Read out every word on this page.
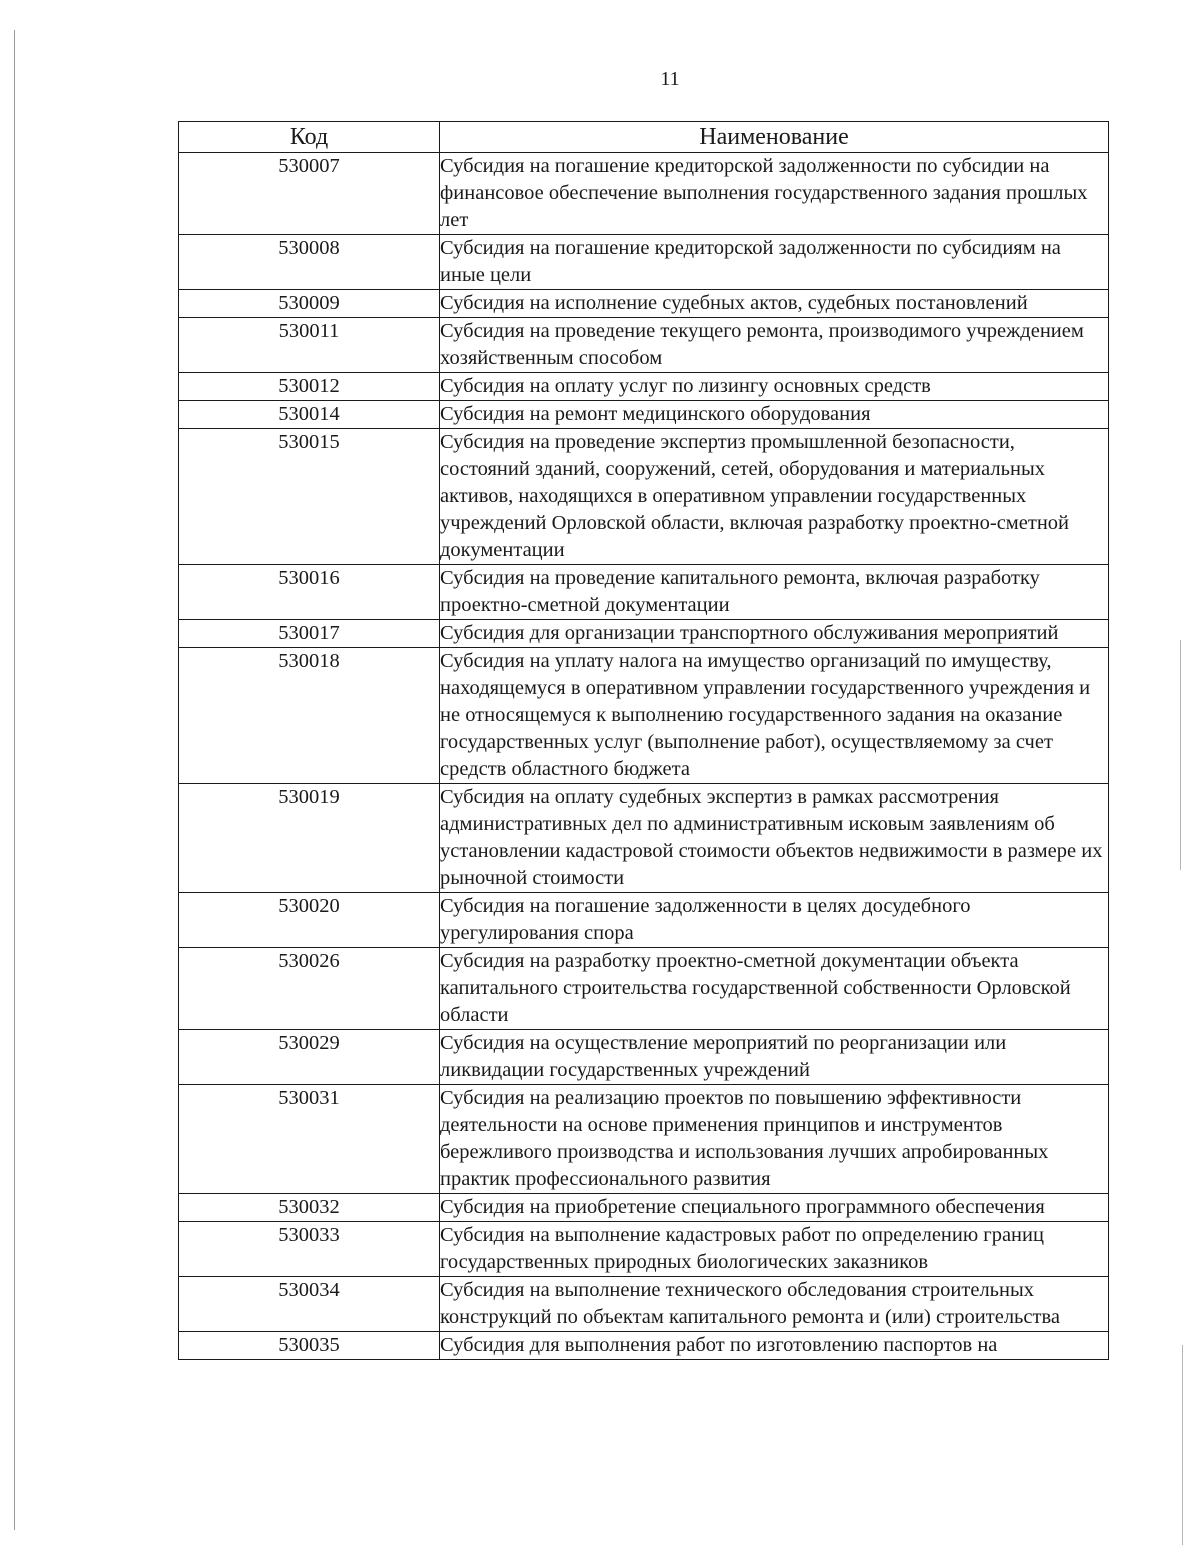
11
Код	Наименование
530007	Субсидия на погашение кредиторской задолженности по субсидии на финансовое обеспечение выполнения государственного задания прошлых лет
530008	Субсидия на погашение кредиторской задолженности по субсидиям на иные цели
530009	Субсидия на исполнение судебных актов, судебных постановлений
530011	Субсидия на проведение текущего ремонта, производимого учреждением хозяйственным способом
530012	Субсидия на оплату услуг по лизингу основных средств
530014	Субсидия на ремонт медицинского оборудования
530015	Субсидия на проведение экспертиз промышленной безопасности, состояний зданий, сооружений, сетей, оборудования и материальных активов, находящихся в оперативном управлении государственных учреждений Орловской области, включая разработку проектно-сметной документации
530016	Субсидия на проведение капитального ремонта, включая разработку проектно-сметной документации
530017	Субсидия для организации транспортного обслуживания мероприятий
530018	Субсидия на уплату налога на имущество организаций по имуществу, находящемуся в оперативном управлении государственного учреждения и не относящемуся к выполнению государственного задания на оказание государственных услуг (выполнение работ), осуществляемому за счет средств областного бюджета
530019	Субсидия на оплату судебных экспертиз в рамках рассмотрения административных дел по административным исковым заявлениям об установлении кадастровой стоимости объектов недвижимости в размере их рыночной стоимости
530020	Субсидия на погашение задолженности в целях досудебного урегулирования спора
530026	Субсидия на разработку проектно-сметной документации объекта капитального строительства государственной собственности Орловской области
530029	Субсидия на осуществление мероприятий по реорганизации или ликвидации государственных учреждений
530031	Субсидия на реализацию проектов по повышению эффективности деятельности на основе применения принципов и инструментов бережливого производства и использования лучших апробированных практик профессионального развития
530032	Субсидия на приобретение специального программного обеспечения
530033	Субсидия на выполнение кадастровых работ по определению границ государственных природных биологических заказников
530034	Субсидия на выполнение технического обследования строительных конструкций по объектам капитального ремонта и (или) строительства
530035	Субсидия для выполнения работ по изготовлению паспортов на
